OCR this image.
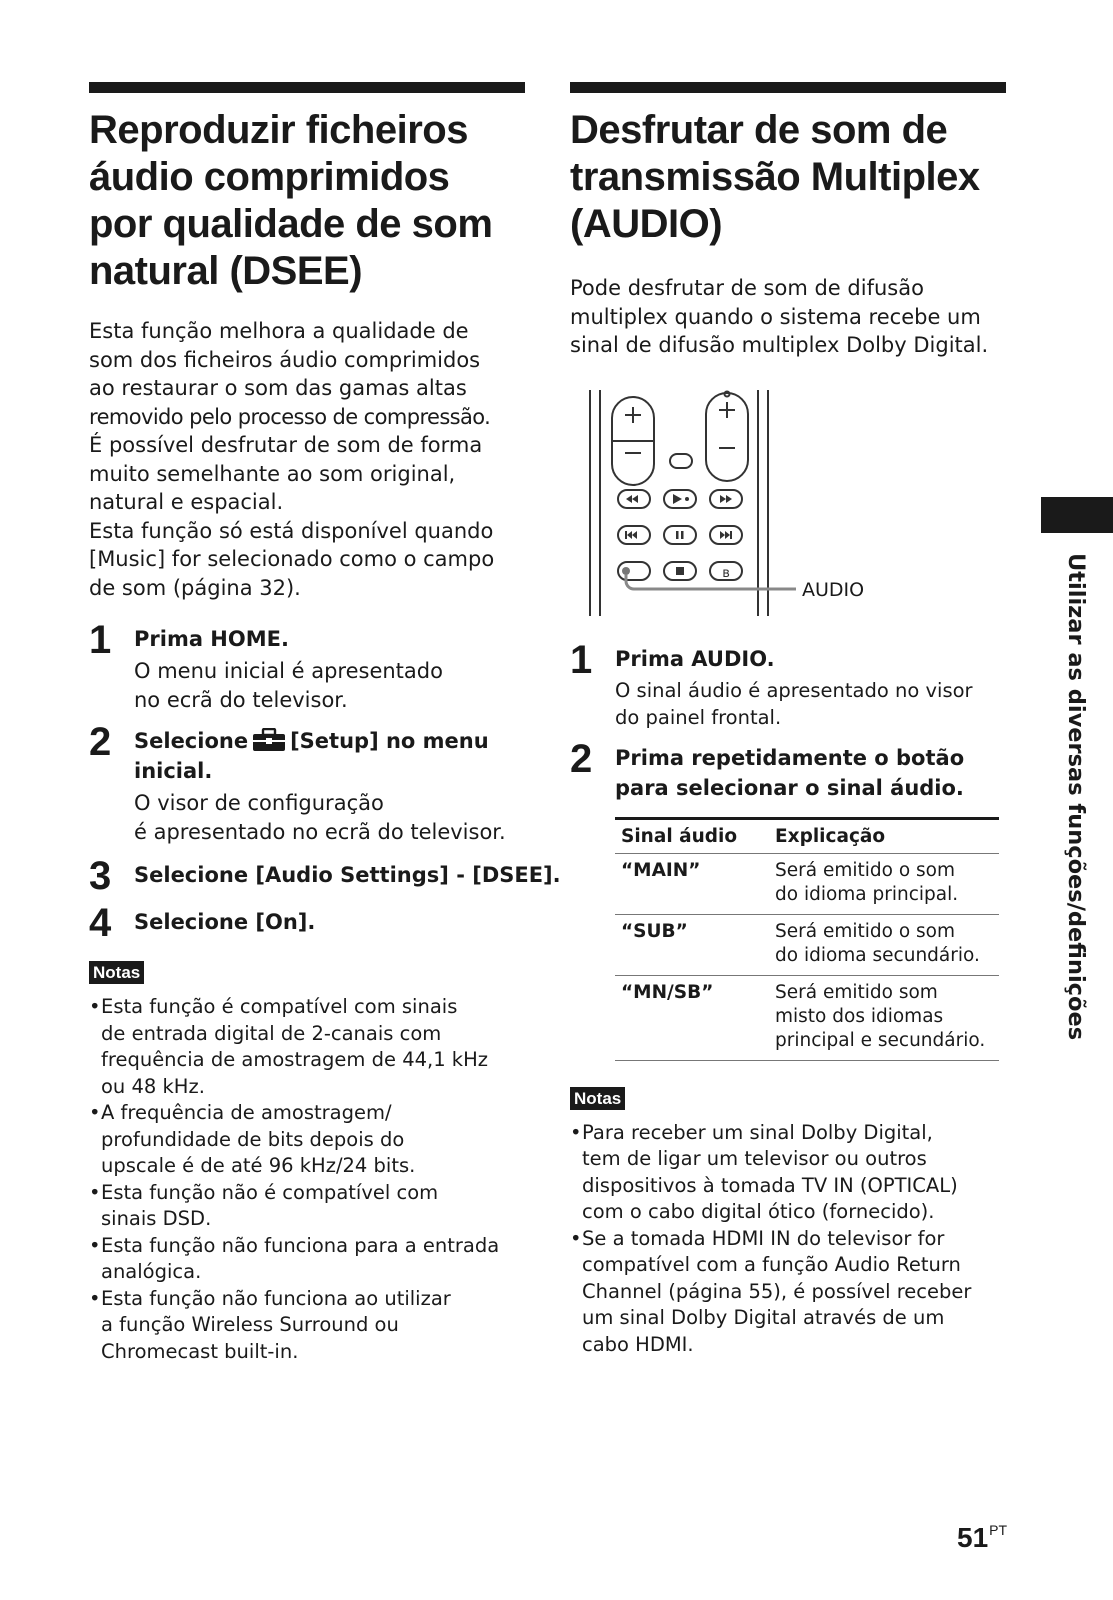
Reproduzir ficheiros
áudio comprimidos
por qualidade de som
natural (DSEE)

Esta função melhora a qualidade de
som dos ficheiros áudio comprimidos
ao restaurar o som das gamas altas
removido pelo processo de compressão.
É possível desfrutar de som de forma
muito semelhante ao som original,
natural e espacial.
Esta função só está disponível quando
[Music] for selecionado como o campo
de som (página 32).

1 Prima HOME.
O menu inicial é apresentado
no ecrã do televisor.
2 Selecione [Setup] no menu
inicial.
O visor de configuração
é apresentado no ecrã do televisor.
3 Selecione [Audio Settings] - [DSEE].
4 Selecione [On].
Notas
• Esta função é compatível com sinais
de entrada digital de 2-canais com
frequência de amostragem de 44,1 kHz
ou 48 kHz.
• A frequência de amostragem/
profundidade de bits depois do
upscale é de até 96 kHz/24 bits.
• Esta função não é compatível com
sinais DSD.
• Esta função não funciona para a entrada
analógica.
• Esta função não funciona ao utilizar
a função Wireless Surround ou
Chromecast built-in.
Desfrutar de som de
transmissão Multiplex
(AUDIO)

Pode desfrutar de som de difusão
multiplex quando o sistema recebe um
sinal de difusão multiplex Dolby Digital.

ʙ
AUDIO
1 Prima AUDIO.
O sinal áudio é apresentado no visor
do painel frontal.
2 Prima repetidamente o botão
para selecionar o sinal áudio.
Sinal áudio	Explicação
“MAIN”	Será emitido o som
do idioma principal.

“SUB”	Será emitido o som
do idioma secundário.

“MN/SB”	Será emitido som
misto dos idiomas
principal e secundário.
Notas
• Para receber um sinal Dolby Digital,
tem de ligar um televisor ou outros
dispositivos à tomada TV IN (OPTICAL)
com o cabo digital ótico (fornecido).
• Se a tomada HDMI IN do televisor for
compatível com a função Audio Return
Channel (página 55), é possível receber
um sinal Dolby Digital através de um
cabo HDMI.
Utilizar as diversas funções/definições
$51^{PT}$
